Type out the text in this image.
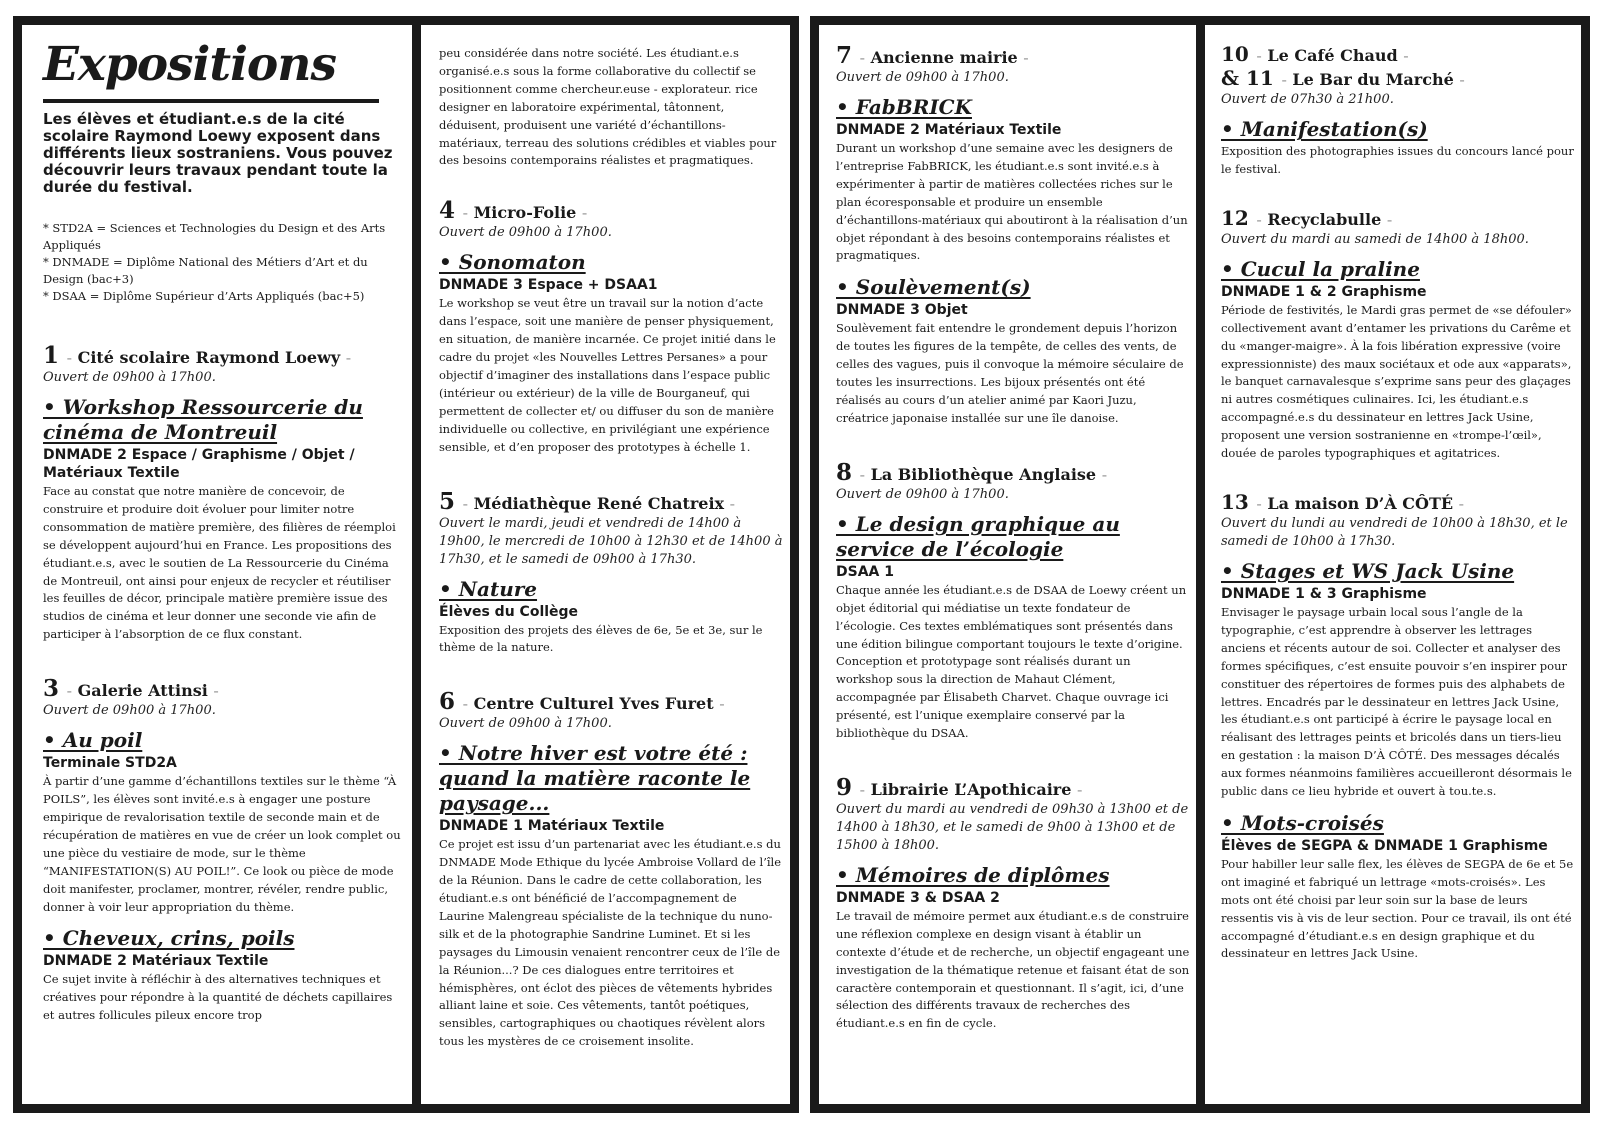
Expositions
Les élèves et étudiant.e.s de la cité scolaire Raymond Loewy exposent dans différents lieux sostraniens. Vous pouvez découvrir leurs travaux pendant toute la durée du festival.
* STD2A = Sciences et Technologies du Design et des Arts Appliqués
* DNMADE = Diplôme National des Métiers d’Art et du Design (bac+3)
* DSAA = Diplôme Supérieur d’Arts Appliqués (bac+5)
1 - Cité scolaire Raymond Loewy -
Ouvert de 09h00 à 17h00.
• Workshop Ressourcerie du cinéma de Montreuil
DNMADE 2 Espace / Graphisme / Objet / Matériaux Textile
Face au constat que notre manière de concevoir, de construire et produire doit évoluer pour limiter notre consommation de matière première, des filières de réemploi se développent aujourd’hui en France. Les propositions des étudiant.e.s, avec le soutien de La Ressourcerie du Cinéma de Montreuil, ont ainsi pour enjeux de recycler et réutiliser les feuilles de décor, principale matière première issue des studios de cinéma et leur donner une seconde vie afin de participer à l’absorption de ce flux constant.
3 - Galerie Attinsi -
Ouvert de 09h00 à 17h00.
• Au poil
Terminale STD2A
À partir d’une gamme d’échantillons textiles sur le thème “À POILS”, les élèves sont invité.e.s à engager une posture empirique de revalorisation textile de seconde main et de récupération de matières en vue de créer un look complet ou une pièce du vestiaire de mode, sur le thème “MANIFESTATION(S) AU POIL!”. Ce look ou pièce de mode doit manifester, proclamer, montrer, révéler, rendre public, donner à voir leur appropriation du thème.
• Cheveux, crins, poils
DNMADE 2 Matériaux Textile
Ce sujet invite à réfléchir à des alternatives techniques et créatives pour répondre à la quantité de déchets capillaires et autres follicules pileux encore trop
peu considérée dans notre société. Les étudiant.e.s organisé.e.s sous la forme collaborative du collectif se positionnent comme chercheur.euse - explorateur. rice designer en laboratoire expérimental, tâtonnent, déduisent, produisent une variété d’échantillons-matériaux, terreau des solutions crédibles et viables pour des besoins contemporains réalistes et pragmatiques.
4 - Micro-Folie -
Ouvert de 09h00 à 17h00.
• Sonomaton
DNMADE 3 Espace + DSAA1
Le workshop se veut être un travail sur la notion d’acte dans l’espace, soit une manière de penser physiquement, en situation, de manière incarnée. Ce projet initié dans le cadre du projet «les Nouvelles Lettres Persanes» a pour objectif d’imaginer des installations dans l’espace public (intérieur ou extérieur) de la ville de Bourganeuf, qui permettent de collecter et/ ou diffuser du son de manière individuelle ou collective, en privilégiant une expérience sensible, et d’en proposer des prototypes à échelle 1.
5 - Médiathèque René Chatreix -
Ouvert le mardi, jeudi et vendredi de 14h00 à 19h00, le mercredi de 10h00 à 12h30 et de 14h00 à 17h30, et le samedi de 09h00 à 17h30.
• Nature
Élèves du Collège
Exposition des projets des élèves de 6e, 5e et 3e, sur le thème de la nature.
6 - Centre Culturel Yves Furet -
Ouvert de 09h00 à 17h00.
• Notre hiver est votre été : quand la matière raconte le paysage...
DNMADE 1 Matériaux Textile
Ce projet est issu d’un partenariat avec les étudiant.e.s du DNMADE Mode Ethique du lycée Ambroise Vollard de l’île de la Réunion. Dans le cadre de cette collaboration, les étudiant.e.s ont bénéficié de l’accompagnement de Laurine Malengreau spécialiste de la technique du nuno-silk et de la photographie Sandrine Luminet. Et si les paysages du Limousin venaient rencontrer ceux de l’île de la Réunion...? De ces dialogues entre territoires et hémisphères, ont éclot des pièces de vêtements hybrides alliant laine et soie. Ces vêtements, tantôt poétiques, sensibles, cartographiques ou chaotiques révèlent alors tous les mystères de ce croisement insolite.
7 - Ancienne mairie -
Ouvert de 09h00 à 17h00.
• FabBRICK
DNMADE 2 Matériaux Textile
Durant un workshop d’une semaine avec les designers de l’entreprise FabBRICK, les étudiant.e.s sont invité.e.s à expérimenter à partir de matières collectées riches sur le plan écoresponsable et produire un ensemble d’échantillons-matériaux qui aboutiront à la réalisation d’un objet répondant à des besoins contemporains réalistes et pragmatiques.
• Soulèvement(s)
DNMADE 3 Objet
Soulèvement fait entendre le grondement depuis l’horizon de toutes les figures de la tempête, de celles des vents, de celles des vagues, puis il convoque la mémoire séculaire de toutes les insurrections. Les bijoux présentés ont été réalisés au cours d’un atelier animé par Kaori Juzu, créatrice japonaise installée sur une île danoise.
8 - La Bibliothèque Anglaise -
Ouvert de 09h00 à 17h00.
• Le design graphique au service de l’écologie
DSAA 1
Chaque année les étudiant.e.s de DSAA de Loewy créent un objet éditorial qui médiatise un texte fondateur de l’écologie. Ces textes emblématiques sont présentés dans une édition bilingue comportant toujours le texte d’origine. Conception et prototypage sont réalisés durant un workshop sous la direction de Mahaut Clément, accompagnée par Élisabeth Charvet. Chaque ouvrage ici présenté, est l’unique exemplaire conservé par la bibliothèque du DSAA.
9 - Librairie L’Apothicaire -
Ouvert du mardi au vendredi de 09h30 à 13h00 et de 14h00 à 18h30, et le samedi de 9h00 à 13h00 et de 15h00 à 18h00.
• Mémoires de diplômes
DNMADE 3 & DSAA 2
Le travail de mémoire permet aux étudiant.e.s de construire une réflexion complexe en design visant à établir un contexte d’étude et de recherche, un objectif engageant une investigation de la thématique retenue et faisant état de son caractère contemporain et questionnant. Il s’agit, ici, d’une sélection des différents travaux de recherches des étudiant.e.s en fin de cycle.
10 - Le Café Chaud -
& 11 - Le Bar du Marché -
Ouvert de 07h30 à 21h00.
• Manifestation(s)
Exposition des photographies issues du concours lancé pour le festival.
12 - Recyclabulle -
Ouvert du mardi au samedi de 14h00 à 18h00.
• Cucul la praline
DNMADE 1 & 2 Graphisme
Période de festivités, le Mardi gras permet de «se défouler» collectivement avant d’entamer les privations du Carême et du «manger-maigre». À la fois libération expressive (voire expressionniste) des maux sociétaux et ode aux «apparats», le banquet carnavalesque s’exprime sans peur des glaçages ni autres cosmétiques culinaires. Ici, les étudiant.e.s accompagné.e.s du dessinateur en lettres Jack Usine, proposent une version sostranienne en «trompe-l’œil», douée de paroles typographiques et agitatrices.
13 - La maison D’À CÔTÉ -
Ouvert du lundi au vendredi de 10h00 à 18h30, et le samedi de 10h00 à 17h30.
• Stages et WS Jack Usine
DNMADE 1 & 3 Graphisme
Envisager le paysage urbain local sous l’angle de la typographie, c’est apprendre à observer les lettrages anciens et récents autour de soi. Collecter et analyser des formes spécifiques, c’est ensuite pouvoir s’en inspirer pour constituer des répertoires de formes puis des alphabets de lettres. Encadrés par le dessinateur en lettres Jack Usine, les étudiant.e.s ont participé à écrire le paysage local en réalisant des lettrages peints et bricolés dans un tiers-lieu en gestation : la maison D’À CÔTÉ. Des messages décalés aux formes néanmoins familières accueilleront désormais le public dans ce lieu hybride et ouvert à tou.te.s.
• Mots-croisés
Élèves de SEGPA & DNMADE 1 Graphisme
Pour habiller leur salle flex, les élèves de SEGPA de 6e et 5e ont imaginé et fabriqué un lettrage «mots-croisés». Les mots ont été choisi par leur soin sur la base de leurs ressentis vis à vis de leur section. Pour ce travail, ils ont été accompagné d’étudiant.e.s en design graphique et du dessinateur en lettres Jack Usine.
